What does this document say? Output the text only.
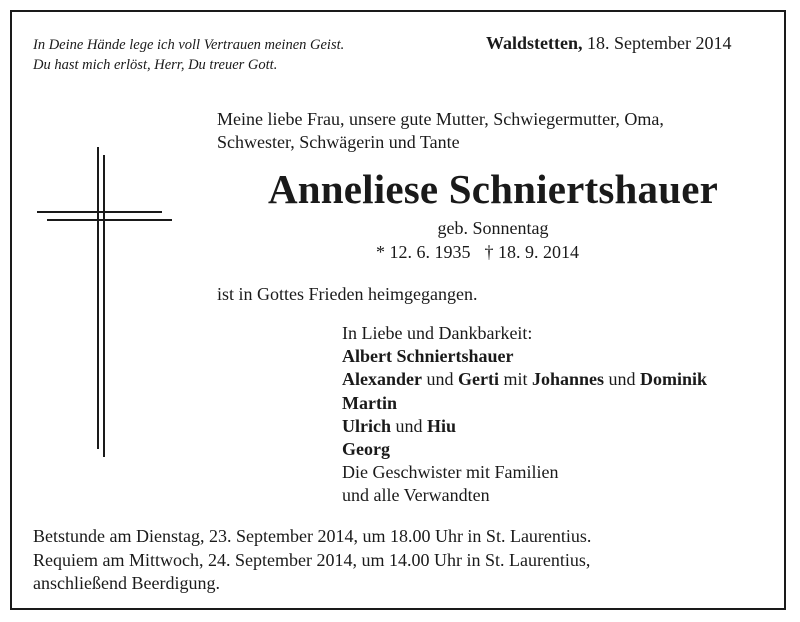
In Deine Hände lege ich voll Vertrauen meinen Geist.
Du hast mich erlöst, Herr, Du treuer Gott.
Waldstetten, 18. September 2014
Meine liebe Frau, unsere gute Mutter, Schwiegermutter, Oma,
Schwester, Schwägerin und Tante
Anneliese Schniertshauer
geb. Sonnentag
* 12. 6. 1935 † 18. 9. 2014
ist in Gottes Frieden heimgegangen.
In Liebe und Dankbarkeit:
Albert Schniertshauer
Alexander und Gerti mit Johannes und Dominik
Martin
Ulrich und Hiu
Georg
Die Geschwister mit Familien
und alle Verwandten
Betstunde am Dienstag, 23. September 2014, um 18.00 Uhr in St. Laurentius.
Requiem am Mittwoch, 24. September 2014, um 14.00 Uhr in St. Laurentius,
anschließend Beerdigung.
